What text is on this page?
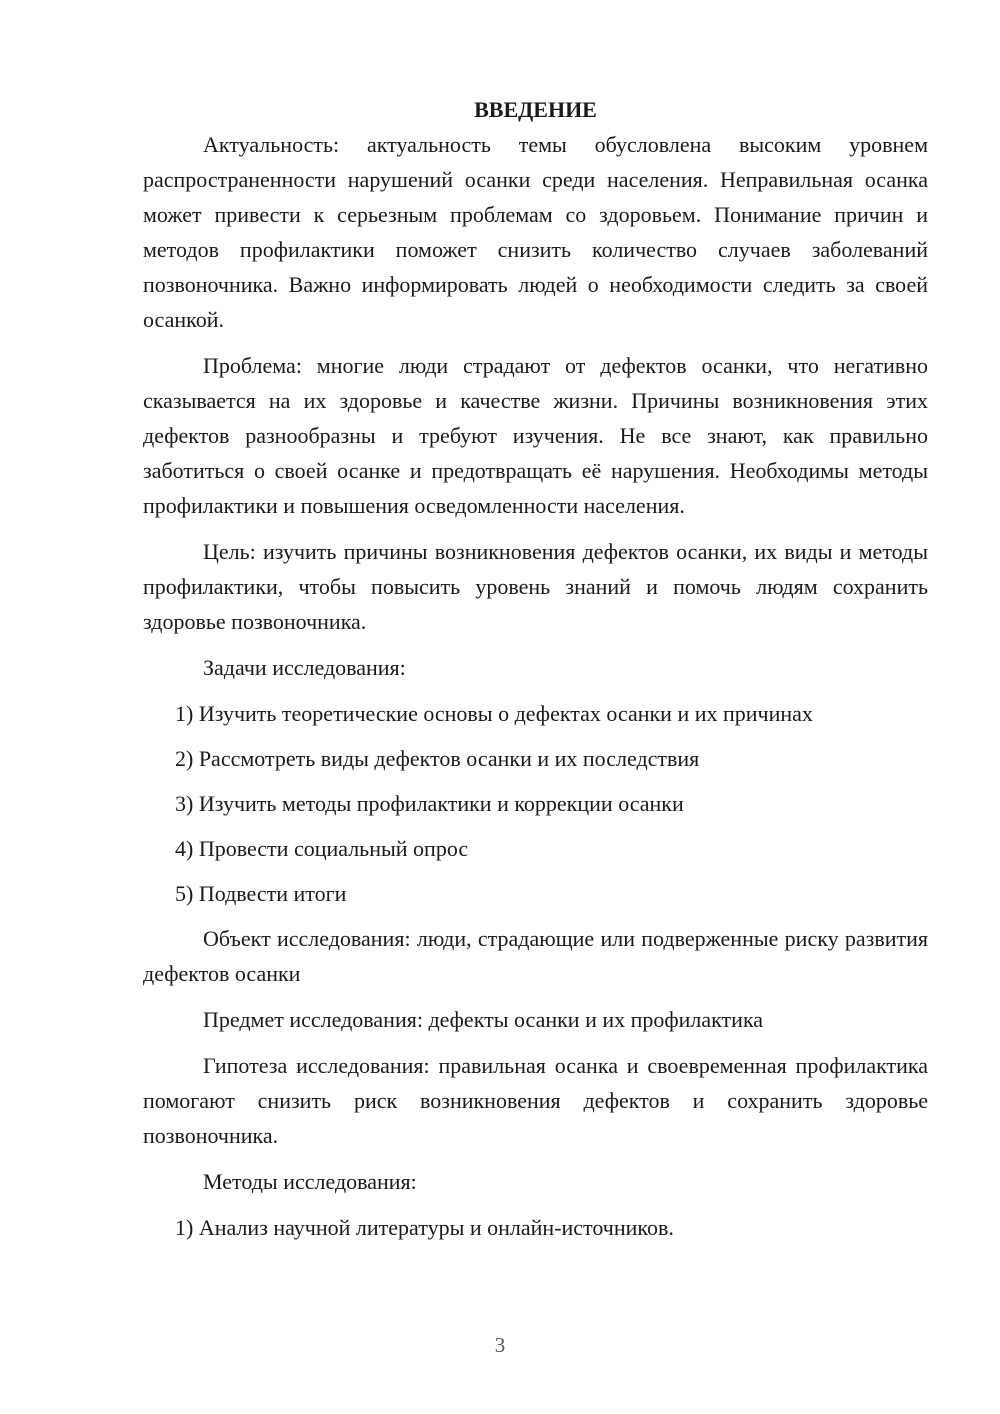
ВВЕДЕНИЕ

Актуальность: актуальность темы обусловлена высоким уровнем распространенности нарушений осанки среди населения. Неправильная осанка может привести к серьезным проблемам со здоровьем. Понимание причин и методов профилактики поможет снизить количество случаев заболеваний позвоночника. Важно информировать людей о необходимости следить за своей осанкой.

Проблема: многие люди страдают от дефектов осанки, что негативно сказывается на их здоровье и качестве жизни. Причины возникновения этих дефектов разнообразны и требуют изучения. Не все знают, как правильно заботиться о своей осанке и предотвращать её нарушения. Необходимы методы профилактики и повышения осведомленности населения.

Цель: изучить причины возникновения дефектов осанки, их виды и методы профилактики, чтобы повысить уровень знаний и помочь людям сохранить здоровье позвоночника.

Задачи исследования:

1) Изучить теоретические основы о дефектах осанки и их причинах
2) Рассмотреть виды дефектов осанки и их последствия
3) Изучить методы профилактики и коррекции осанки
4) Провести социальный опрос
5) Подвести итоги

Объект исследования: люди, страдающие или подверженные риску развития дефектов осанки

Предмет исследования: дефекты осанки и их профилактика

Гипотеза исследования: правильная осанка и своевременная профилактика помогают снизить риск возникновения дефектов и сохранить здоровье позвоночника.

Методы исследования:

1) Анализ научной литературы и онлайн-источников.
3
